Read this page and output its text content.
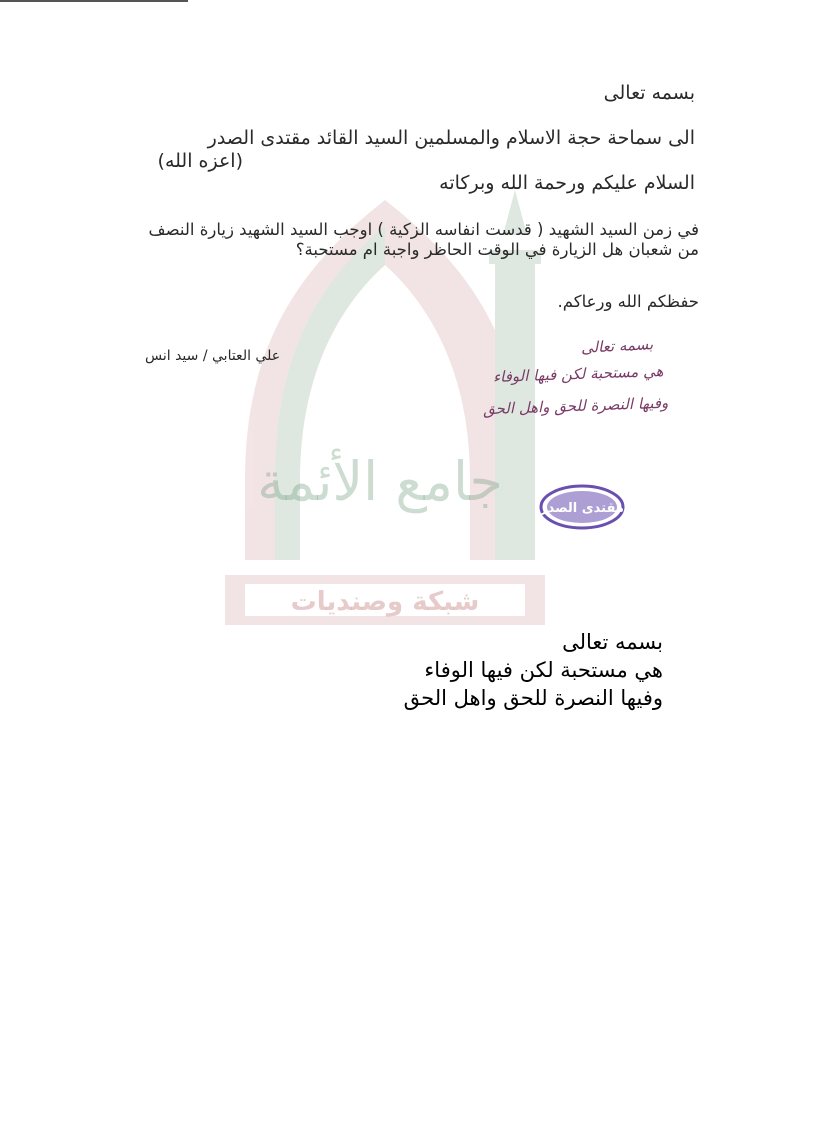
جامع الأئمة
شبكة وصنديات
بسمه تعالى
الى سماحة حجة الاسلام والمسلمين السيد القائد مقتدى الصدر
(اعزه الله)
السلام عليكم ورحمة الله وبركاته
في زمن السيد الشهيد ( قدست انفاسه الزكية ) اوجب السيد الشهيد زيارة النصف
من شعبان هل الزيارة في الوقت الحاظر واجبة ام مستحبة؟
حفظكم الله ورعاكم.
علي العتابي / سيد انس	بسمه تعالى
هي مستحبة لكن فيها الوفاء
وفيها النصرة للحق واهل الحق
مقتدى الصدر
بسمه تعالى
هي مستحبة لكن فيها الوفاء
وفيها النصرة للحق واهل الحق
